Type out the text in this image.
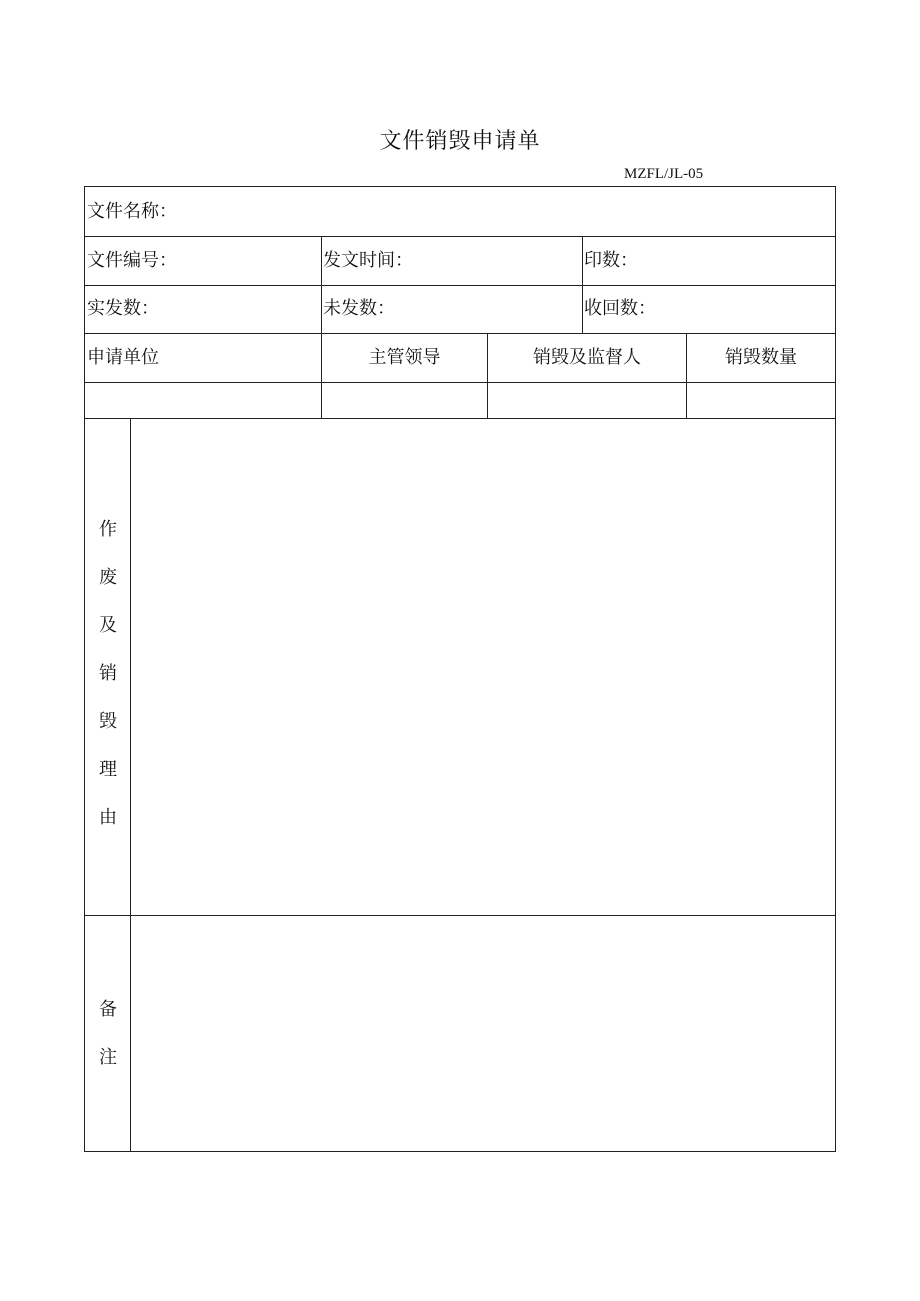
文件销毁申请单
MZFL/JL-05
文件名称：
文件编号：	发文时间：	印数：
实发数：	未发数：	收回数：
申请单位	主管领导	销毁及监督人	销毁数量
作
废
及
销
毁
理
由
备
注
